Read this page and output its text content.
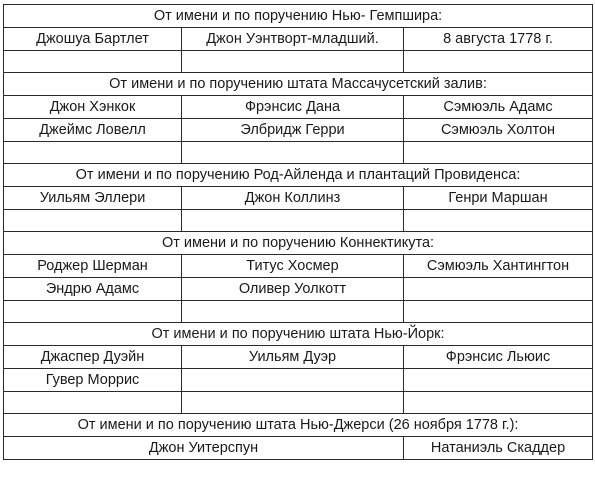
От имени и по поручению Нью- Гемпшира:		
Джошуа Бартлет	Джон Уэнтворт-младший.	8 августа 1778 г.

От имени и по поручению штата Массачусетский залив:		
Джон Хэнкок	Фрэнсис Дана	Сэмюэль Адамс
Джеймс Ловелл	Элбридж Герри	Сэмюэль Холтон

От имени и по поручению Род-Айленда и плантаций Провиденса:		
Уильям Эллери	Джон Коллинз	Генри Маршан

От имени и по поручению Коннектикута:		
Роджер Шерман	Титус Хосмер	Сэмюэль Хантингтон
Эндрю Адамс	Оливер Уолкотт	

От имени и по поручению штата Нью-Йорк:		
Джаспер Дуэйн	Уильям Дуэр	Фрэнсис Льюис
Гувер Моррис		

От имени и по поручению штата Нью-Джерси (26 ноября 1778 г.):		
Джон Уитерспун		Натаниэль Скаддер
